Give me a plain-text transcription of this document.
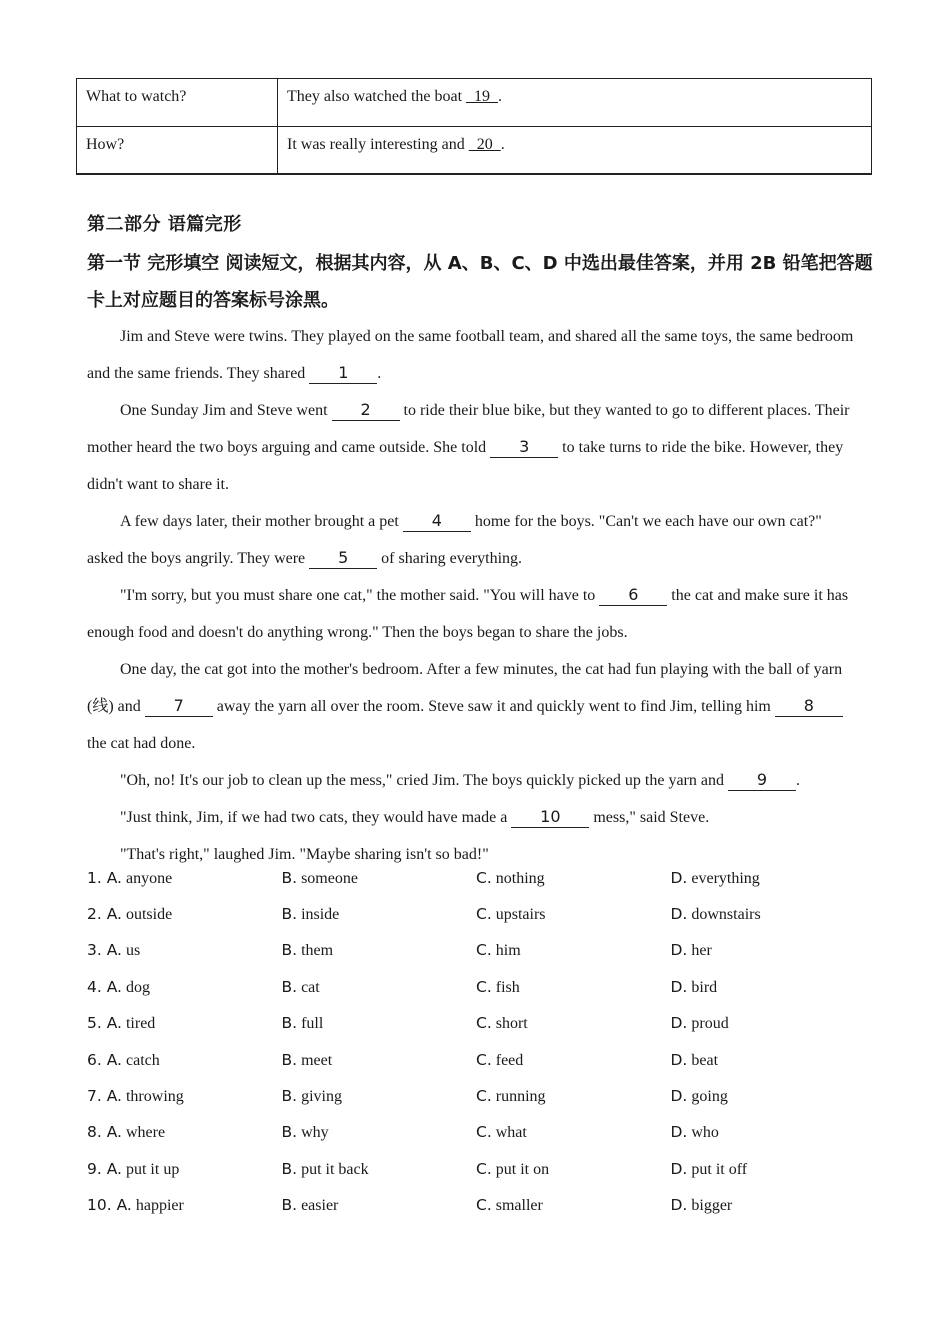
What to watch?	They also watched the boat   19  .
How?	It was really interesting and   20  .
第二部分 语篇完形
第一节 完形填空 阅读短文，根据其内容，从 A、B、C、D 中选出最佳答案，并用 2B 铅笔把答题卡上对应题目的答案标号涂黑。

Jim and Steve were twins. They played on the same football team, and shared all the same toys, the same bedroom and the same friends. They shared 1 .

One Sunday Jim and Steve went 2 to ride their blue bike, but they wanted to go to different places. Their mother heard the two boys arguing and came outside. She told 3 to take turns to ride the bike. However, they didn't want to share it.

A few days later, their mother brought a pet 4 home for the boys. "Can't we each have our own cat?" asked the boys angrily. They were 5 of sharing everything.

"I'm sorry, but you must share one cat," the mother said. "You will have to 6 the cat and make sure it has enough food and doesn't do anything wrong." Then the boys began to share the jobs.

One day, the cat got into the mother's bedroom. After a few minutes, the cat had fun playing with the ball of yarn (线) and 7 away the yarn all over the room. Steve saw it and quickly went to find Jim, telling him 8 the cat had done.

"Oh, no! It's our job to clean up the mess," cried Jim. The boys quickly picked up the yarn and 9 .

"Just think, Jim, if we had two cats, they would have made a 10 mess," said Steve.

"That's right," laughed Jim. "Maybe sharing isn't so bad!"

1. A. anyone	B. someone	C. nothing	D. everything
2. A. outside	B. inside	C. upstairs	D. downstairs
3. A. us	B. them	C. him	D. her
4. A. dog	B. cat	C. fish	D. bird
5. A. tired	B. full	C. short	D. proud
6. A. catch	B. meet	C. feed	D. beat
7. A. throwing	B. giving	C. running	D. going
8. A. where	B. why	C. what	D. who
9. A. put it up	B. put it back	C. put it on	D. put it off
10. A. happier	B. easier	C. smaller	D. bigger
